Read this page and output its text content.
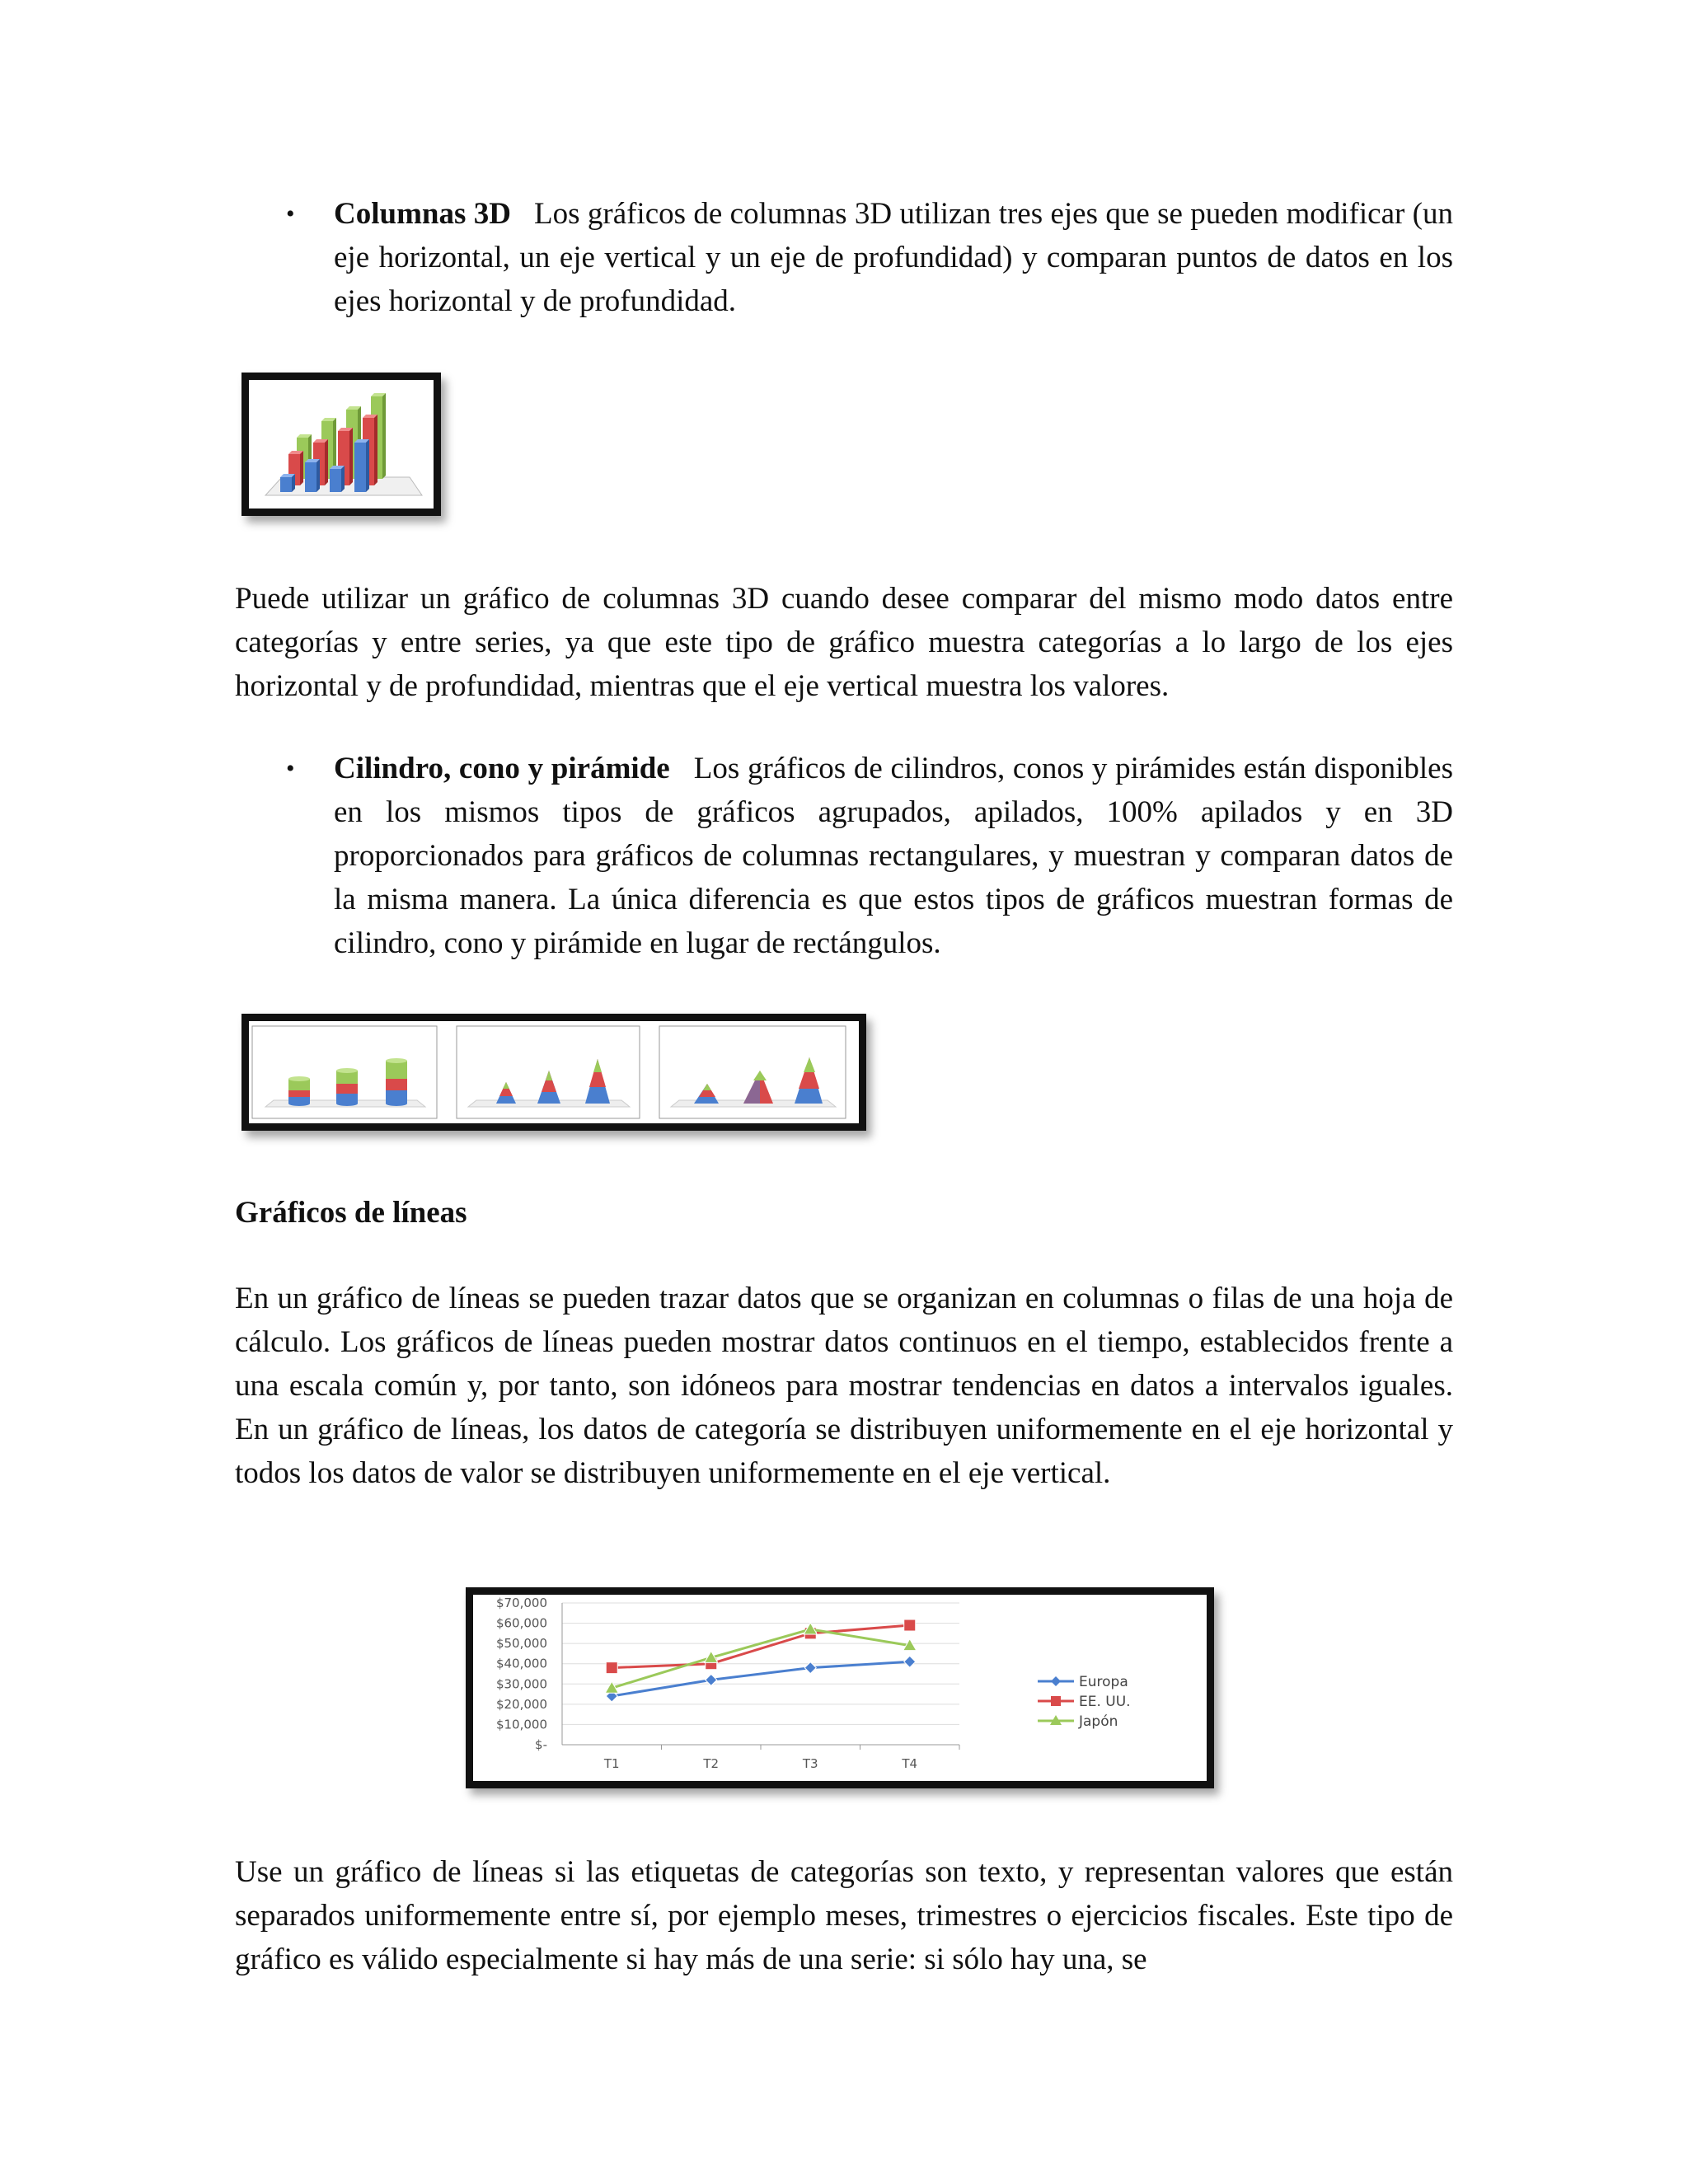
• Columnas 3D Los gráficos de columnas 3D utilizan tres ejes que se pueden modificar (un eje horizontal, un eje vertical y un eje de profundidad) y comparan puntos de datos en los ejes horizontal y de profundidad.
Puede utilizar un gráfico de columnas 3D cuando desee comparar del mismo modo datos entre categorías y entre series, ya que este tipo de gráfico muestra categorías a lo largo de los ejes horizontal y de profundidad, mientras que el eje vertical muestra los valores.
• Cilindro, cono y pirámide Los gráficos de cilindros, conos y pirámides están disponibles en los mismos tipos de gráficos agrupados, apilados, 100% apilados y en 3D proporcionados para gráficos de columnas rectangulares, y muestran y comparan datos de la misma manera. La única diferencia es que estos tipos de gráficos muestran formas de cilindro, cono y pirámide en lugar de rectángulos.
Gráficos de líneas
En un gráfico de líneas se pueden trazar datos que se organizan en columnas o filas de una hoja de cálculo. Los gráficos de líneas pueden mostrar datos continuos en el tiempo, establecidos frente a una escala común y, por tanto, son idóneos para mostrar tendencias en datos a intervalos iguales. En un gráfico de líneas, los datos de categoría se distribuyen uniformemente en el eje horizontal y todos los datos de valor se distribuyen uniformemente en el eje vertical.
$70,000
$60,000
$50,000
$40,000
$30,000
$20,000
$10,000
$-
T1	T2	T3	T4
Europa
EE. UU.
Japón
Use un gráfico de líneas si las etiquetas de categorías son texto, y representan valores que están separados uniformemente entre sí, por ejemplo meses, trimestres o ejercicios fiscales. Este tipo de gráfico es válido especialmente si hay más de una serie: si sólo hay una, se
